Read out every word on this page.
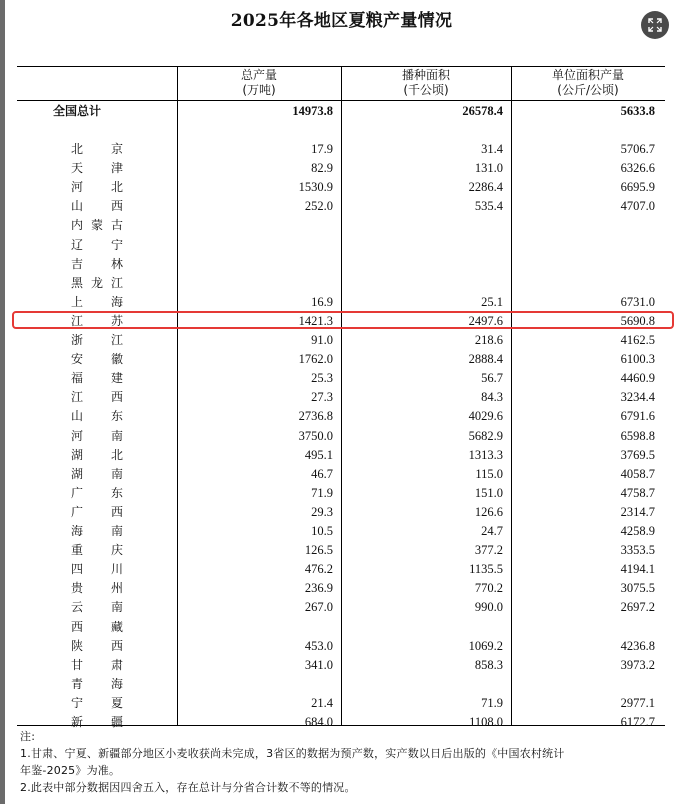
2025年各地区夏粮产量情况
总产量
(万吨)
播种面积
(千公顷)
单位面积产量
(公斤/公顷)
全国总计	14973.8	26578.4	5633.8
北 京	17.9	31.4	5706.7
天 津	82.9	131.0	6326.6
河 北	1530.9	2286.4	6695.9
山 西	252.0	535.4	4707.0
内 蒙 古
辽 宁
吉 林
黑 龙 江
上 海	16.9	25.1	6731.0
江 苏	1421.3	2497.6	5690.8
浙 江	91.0	218.6	4162.5
安 徽	1762.0	2888.4	6100.3
福 建	25.3	56.7	4460.9
江 西	27.3	84.3	3234.4
山 东	2736.8	4029.6	6791.6
河 南	3750.0	5682.9	6598.8
湖 北	495.1	1313.3	3769.5
湖 南	46.7	115.0	4058.7
广 东	71.9	151.0	4758.7
广 西	29.3	126.6	2314.7
海 南	10.5	24.7	4258.9
重 庆	126.5	377.2	3353.5
四 川	476.2	1135.5	4194.1
贵 州	236.9	770.2	3075.5
云 南	267.0	990.0	2697.2
西 藏
陕 西	453.0	1069.2	4236.8
甘 肃	341.0	858.3	3973.2
青 海
宁 夏	21.4	71.9	2977.1
新 疆	684.0	1108.0	6172.7
注:
1.甘肃、宁夏、新疆部分地区小麦收获尚未完成，3省区的数据为预产数，实产数以日后出版的《中国农村统计
年鉴-2025》为准。
2.此表中部分数据因四舍五入，存在总计与分省合计数不等的情况。
